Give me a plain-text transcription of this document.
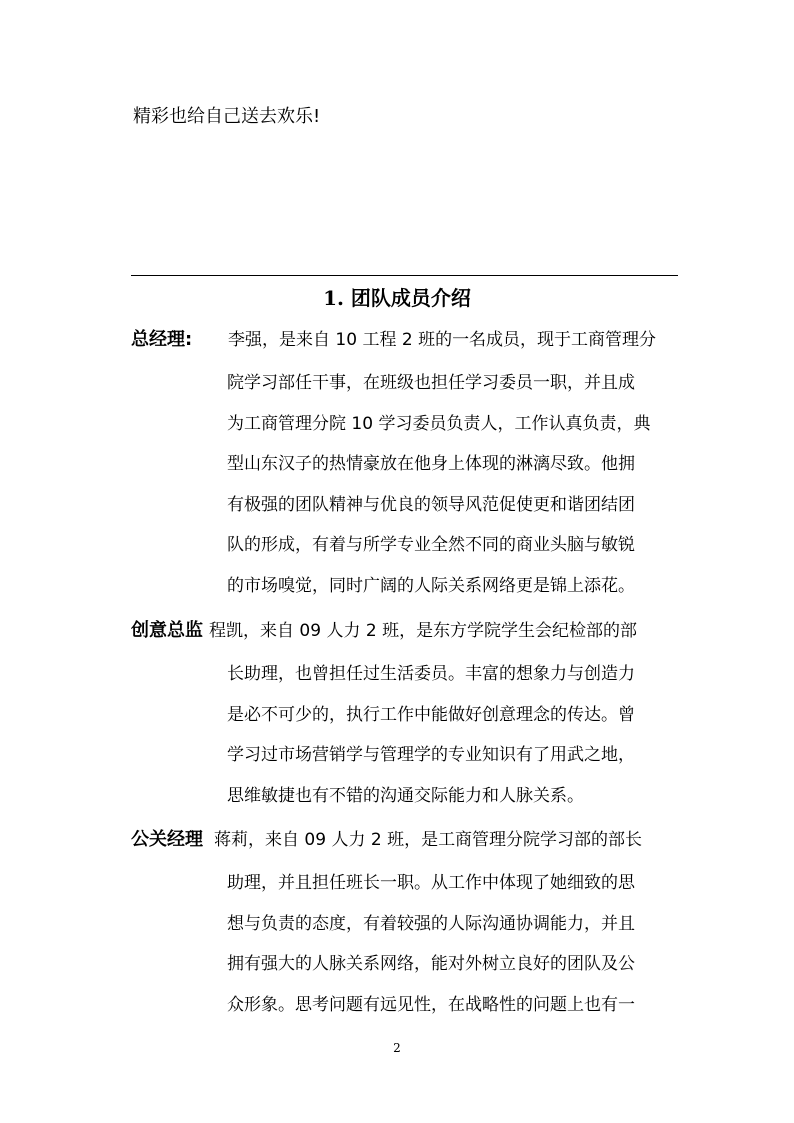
精彩也给自己送去欢乐!
1. 团队成员介绍
总经理: 李强，是来自 10 工程 2 班的一名成员，现于工商管理分
院学习部任干事，在班级也担任学习委员一职，并且成
为工商管理分院 10 学习委员负责人，工作认真负责，典
型山东汉子的热情豪放在他身上体现的淋漓尽致。他拥
有极强的团队精神与优良的领导风范促使更和谐团结团
队的形成，有着与所学专业全然不同的商业头脑与敏锐
的市场嗅觉，同时广阔的人际关系网络更是锦上添花。
创意总监 程凯，来自 09 人力 2 班，是东方学院学生会纪检部的部
长助理，也曾担任过生活委员。丰富的想象力与创造力
是必不可少的，执行工作中能做好创意理念的传达。曾
学习过市场营销学与管理学的专业知识有了用武之地，
思维敏捷也有不错的沟通交际能力和人脉关系。
公关经理 蒋莉，来自 09 人力 2 班，是工商管理分院学习部的部长
助理，并且担任班长一职。从工作中体现了她细致的思
想与负责的态度，有着较强的人际沟通协调能力，并且
拥有强大的人脉关系网络，能对外树立良好的团队及公
众形象。思考问题有远见性，在战略性的问题上也有一
2
